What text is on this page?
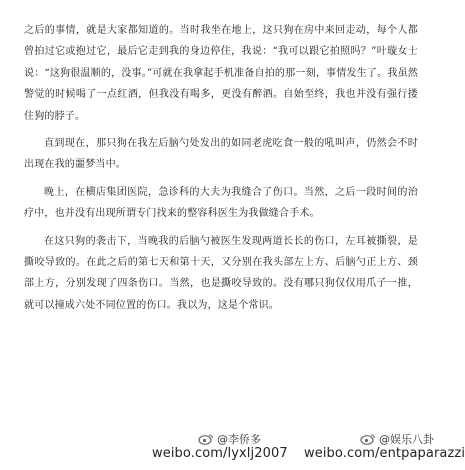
之后的事情，就是大家都知道的。当时我坐在地上，这只狗在房中来回走动，每个人都曾拍过它或抱过它，最后它走到我的身边停住，我说：“我可以跟它拍照吗？”叶璇女士说：“这狗很温顺的，没事。”可就在我拿起手机准备自拍的那一刻，事情发生了。我虽然警觉的时候喝了一点红酒，但我没有喝多，更没有醉酒。自始至终，我也并没有强行搂住狗的脖子。

直到现在，那只狗在我左后脑勺处发出的如同老虎吃食一般的吼叫声，仍然会不时出现在我的噩梦当中。

晚上，在横店集团医院，急诊科的大夫为我缝合了伤口。当然，之后一段时间的治疗中，也并没有出现所谓专门找来的整容科医生为我做缝合手术。

在这只狗的袭击下，当晚我的后脑勺被医生发现两道长长的伤口，左耳被撕裂，是撕咬导致的。在此之后的第七天和第十天，又分别在我头部左上方、后脑勺正上方、颈部上方，分别发现了四条伤口。当然，也是撕咬导致的。没有哪只狗仅仅用爪子一推，就可以撞成六处不同位置的伤口。我以为，这是个常识。

@李侨多
weibo.com/lyxlj2007
@娱乐八卦
weibo.com/entpaparazzi
